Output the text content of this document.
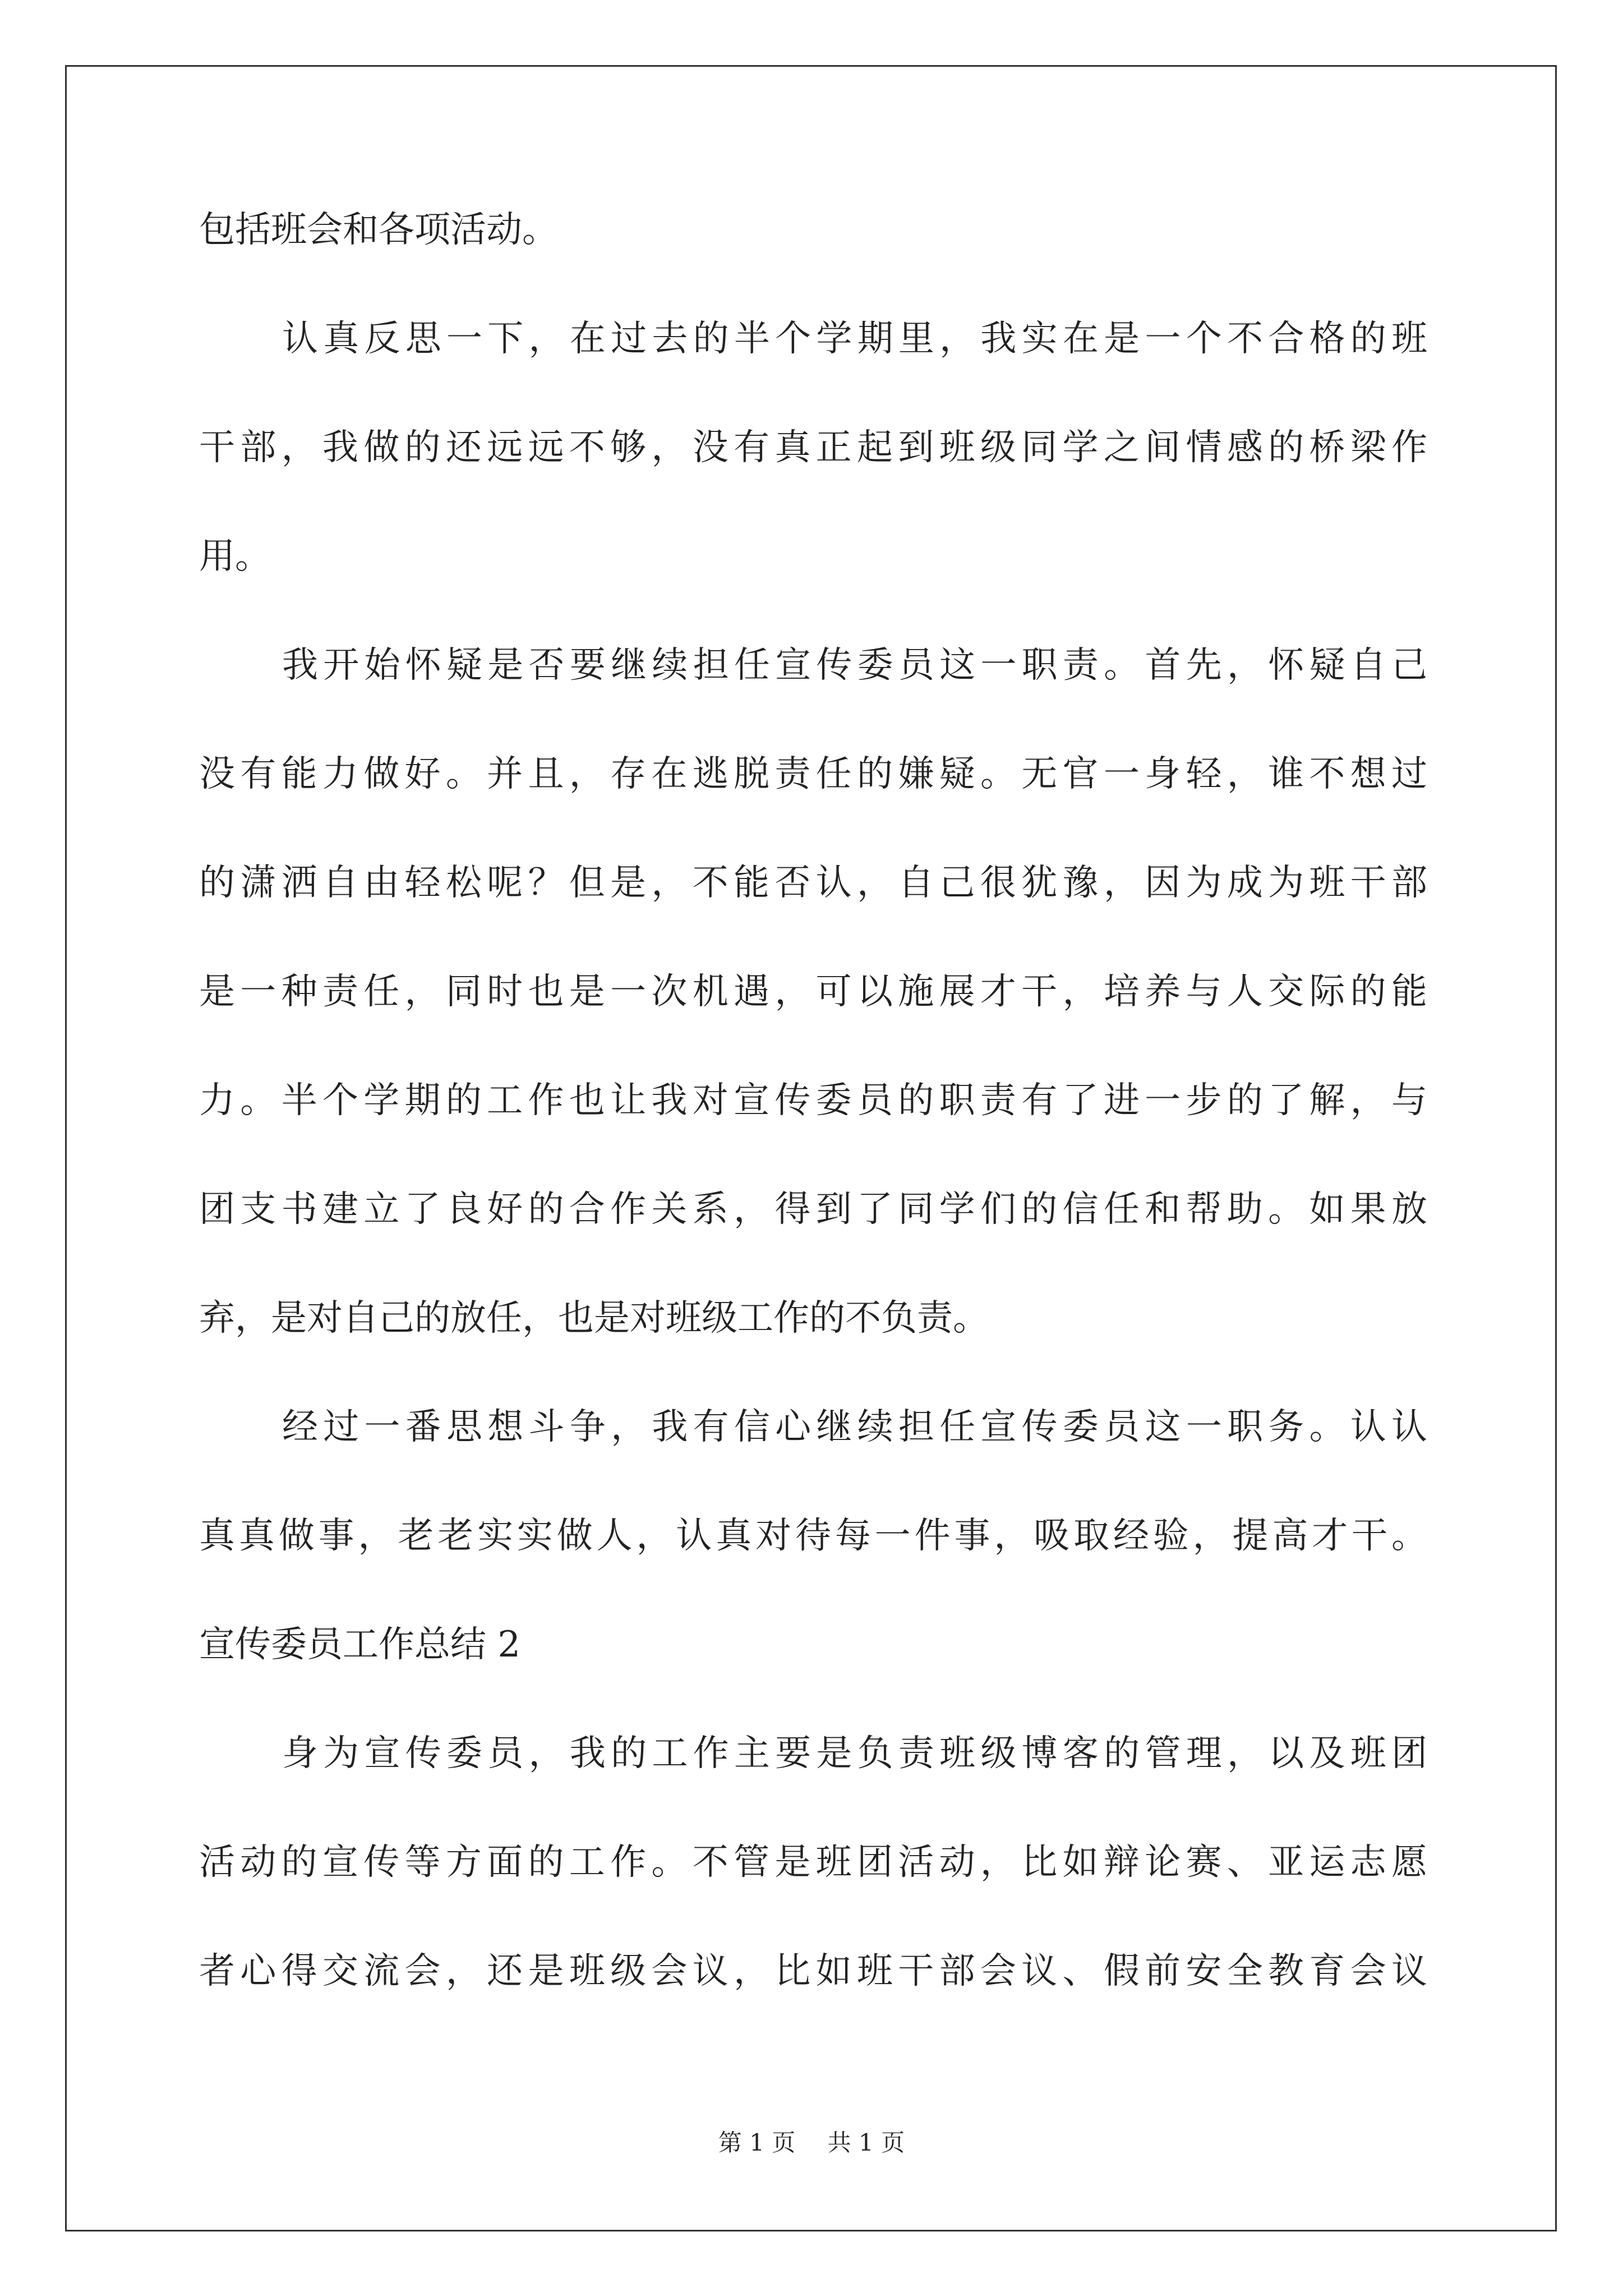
包括班会和各项活动。
认真反思一下，在过去的半个学期里，我实在是一个不合格的班
干部，我做的还远远不够，没有真正起到班级同学之间情感的桥梁作
用。
我开始怀疑是否要继续担任宣传委员这一职责。首先，怀疑自己
没有能力做好。并且，存在逃脱责任的嫌疑。无官一身轻，谁不想过
的潇洒自由轻松呢？但是，不能否认，自己很犹豫，因为成为班干部
是一种责任，同时也是一次机遇，可以施展才干，培养与人交际的能
力。半个学期的工作也让我对宣传委员的职责有了进一步的了解，与
团支书建立了良好的合作关系，得到了同学们的信任和帮助。如果放
弃，是对自己的放任，也是对班级工作的不负责。
经过一番思想斗争，我有信心继续担任宣传委员这一职务。认认
真真做事，老老实实做人，认真对待每一件事，吸取经验，提高才干。
宣传委员工作总结 2
身为宣传委员，我的工作主要是负责班级博客的管理，以及班团
活动的宣传等方面的工作。不管是班团活动，比如辩论赛、亚运志愿
者心得交流会，还是班级会议，比如班干部会议、假前安全教育会议
第 1 页 共 1 页
